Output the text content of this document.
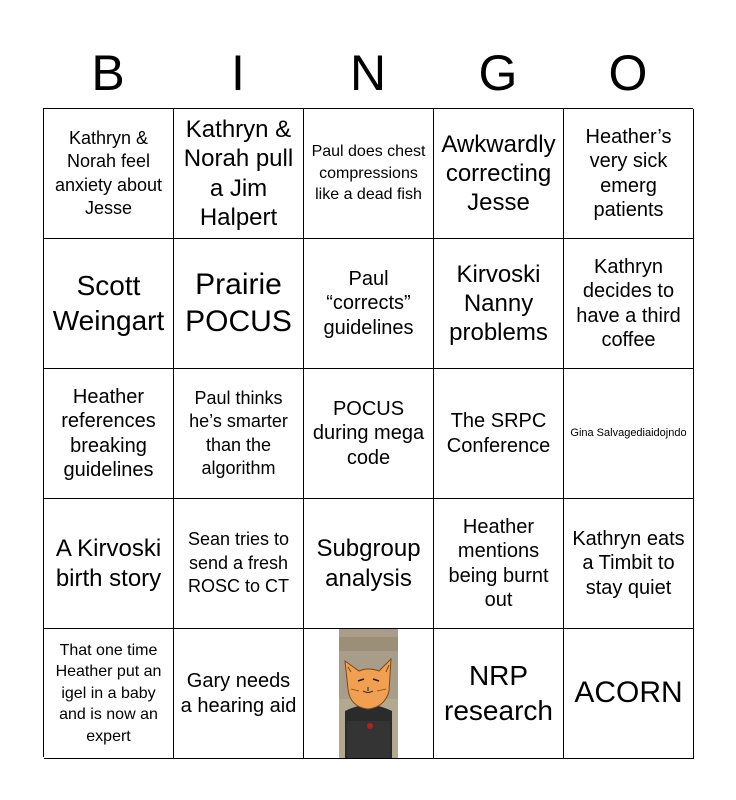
B	I	N	G	O
Kathryn & Norah feel anxiety about Jesse
Kathryn & Norah pull a Jim Halpert
Paul does chest compressions like a dead fish
Awkwardly correcting Jesse
Heather’s very sick emerg patients
Scott Weingart
Prairie POCUS
Paul “corrects” guidelines
Kirvoski Nanny problems
Kathryn decides to have a third coffee
Heather references breaking guidelines
Paul thinks he’s smarter than the algorithm
POCUS during mega code
The SRPC Conference
Gina Salvagediaidojndo
A Kirvoski birth story
Sean tries to send a fresh ROSC to CT
Subgroup analysis
Heather mentions being burnt out
Kathryn eats a Timbit to stay quiet
That one time Heather put an igel in a baby and is now an expert
Gary needs a hearing aid
NRP research
ACORN
